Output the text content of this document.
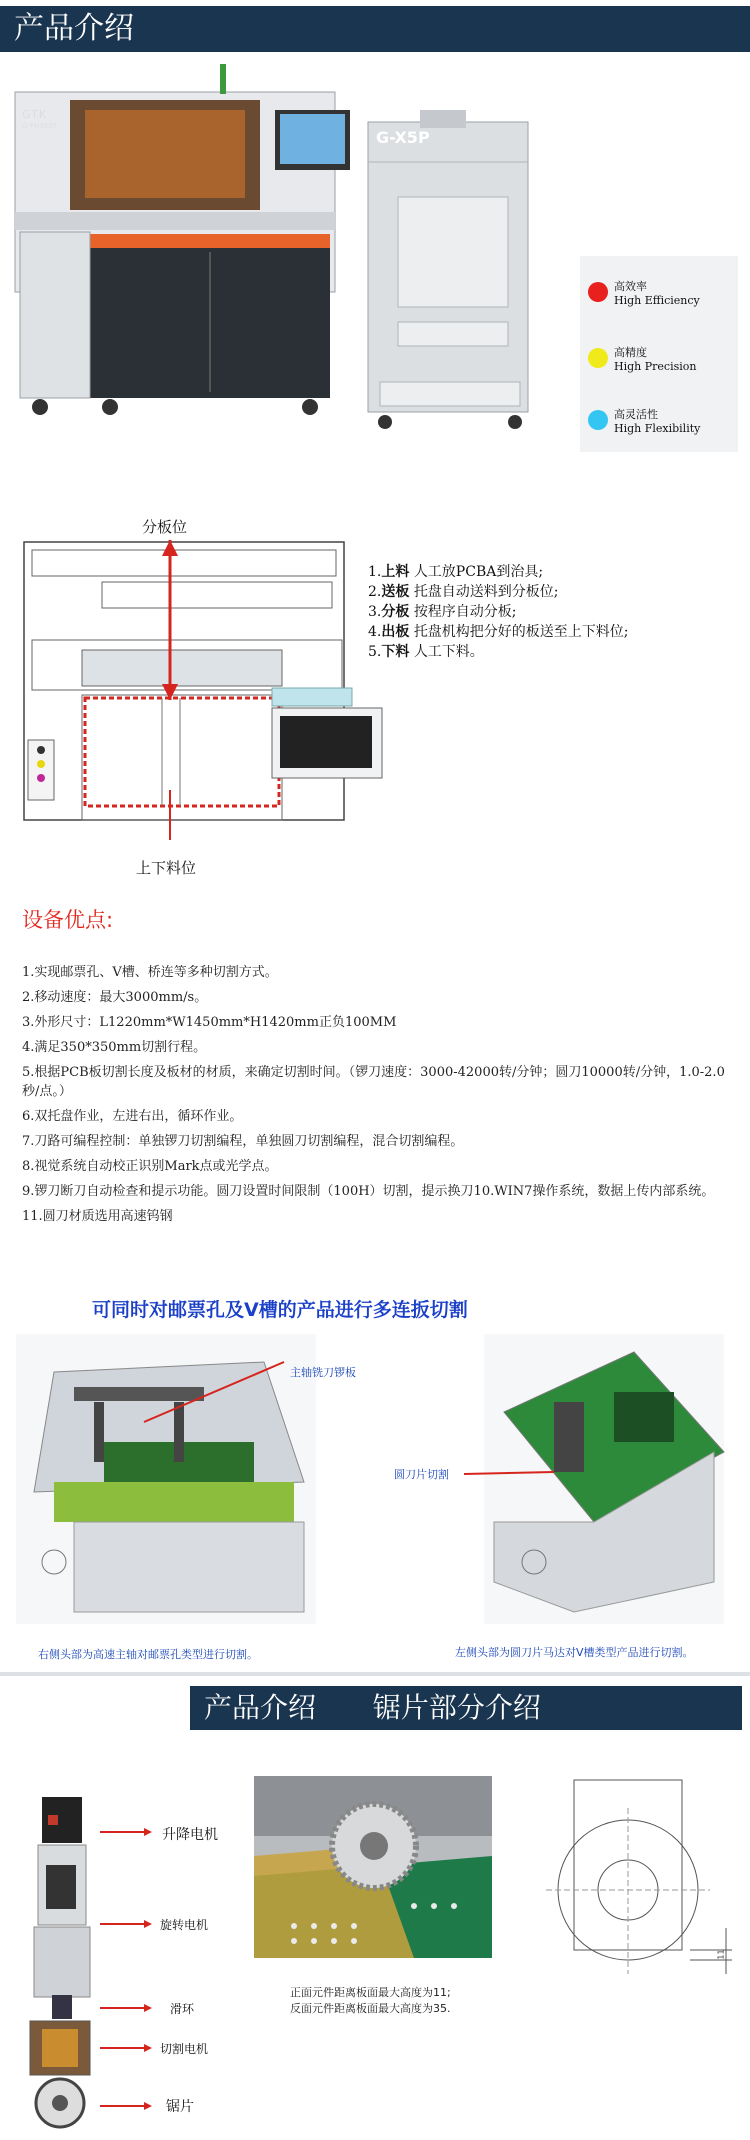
产品介绍
GTK
G-FH350T
G-X5P
高效率
High Efficiency
高精度
High Precision
高灵活性
High Flexibility
分板位
上下料位
1.上料 人工放PCBA到治具;
2.送板 托盘自动送料到分板位;
3.分板 按程序自动分板;
4.出板 托盘机构把分好的板送至上下料位;
5.下料 人工下料。
设备优点:
1.实现邮票孔、V槽、桥连等多种切割方式。
2.移动速度：最大3000mm/s。
3.外形尺寸：L1220mm*W1450mm*H1420mm正负100MM
4.满足350*350mm切割行程。
5.根据PCB板切割长度及板材的材质，来确定切割时间。（锣刀速度：3000-42000转/分钟；圆刀10000转/分钟，1.0-2.0秒/点。）
6.双托盘作业，左进右出，循环作业。
7.刀路可编程控制：单独锣刀切割编程，单独圆刀切割编程，混合切割编程。
8.视觉系统自动校正识别Mark点或光学点。
9.锣刀断刀自动检查和提示功能。圆刀设置时间限制（100H）切割，提示换刀10.WIN7操作系统，数据上传内部系统。
11.圆刀材质选用高速钨钢
可同时对邮票孔及V槽的产品进行多连扳切割
主轴铣刀锣板
圆刀片切割
右侧头部为高速主轴对邮票孔类型进行切割。	左侧头部为圆刀片马达对V槽类型产品进行切割。
产品介绍 锯片部分介绍
升降电机
旋转电机
滑环
切割电机
锯片
正面元件距离板面最大高度为11;
反面元件距离板面最大高度为35.
11
